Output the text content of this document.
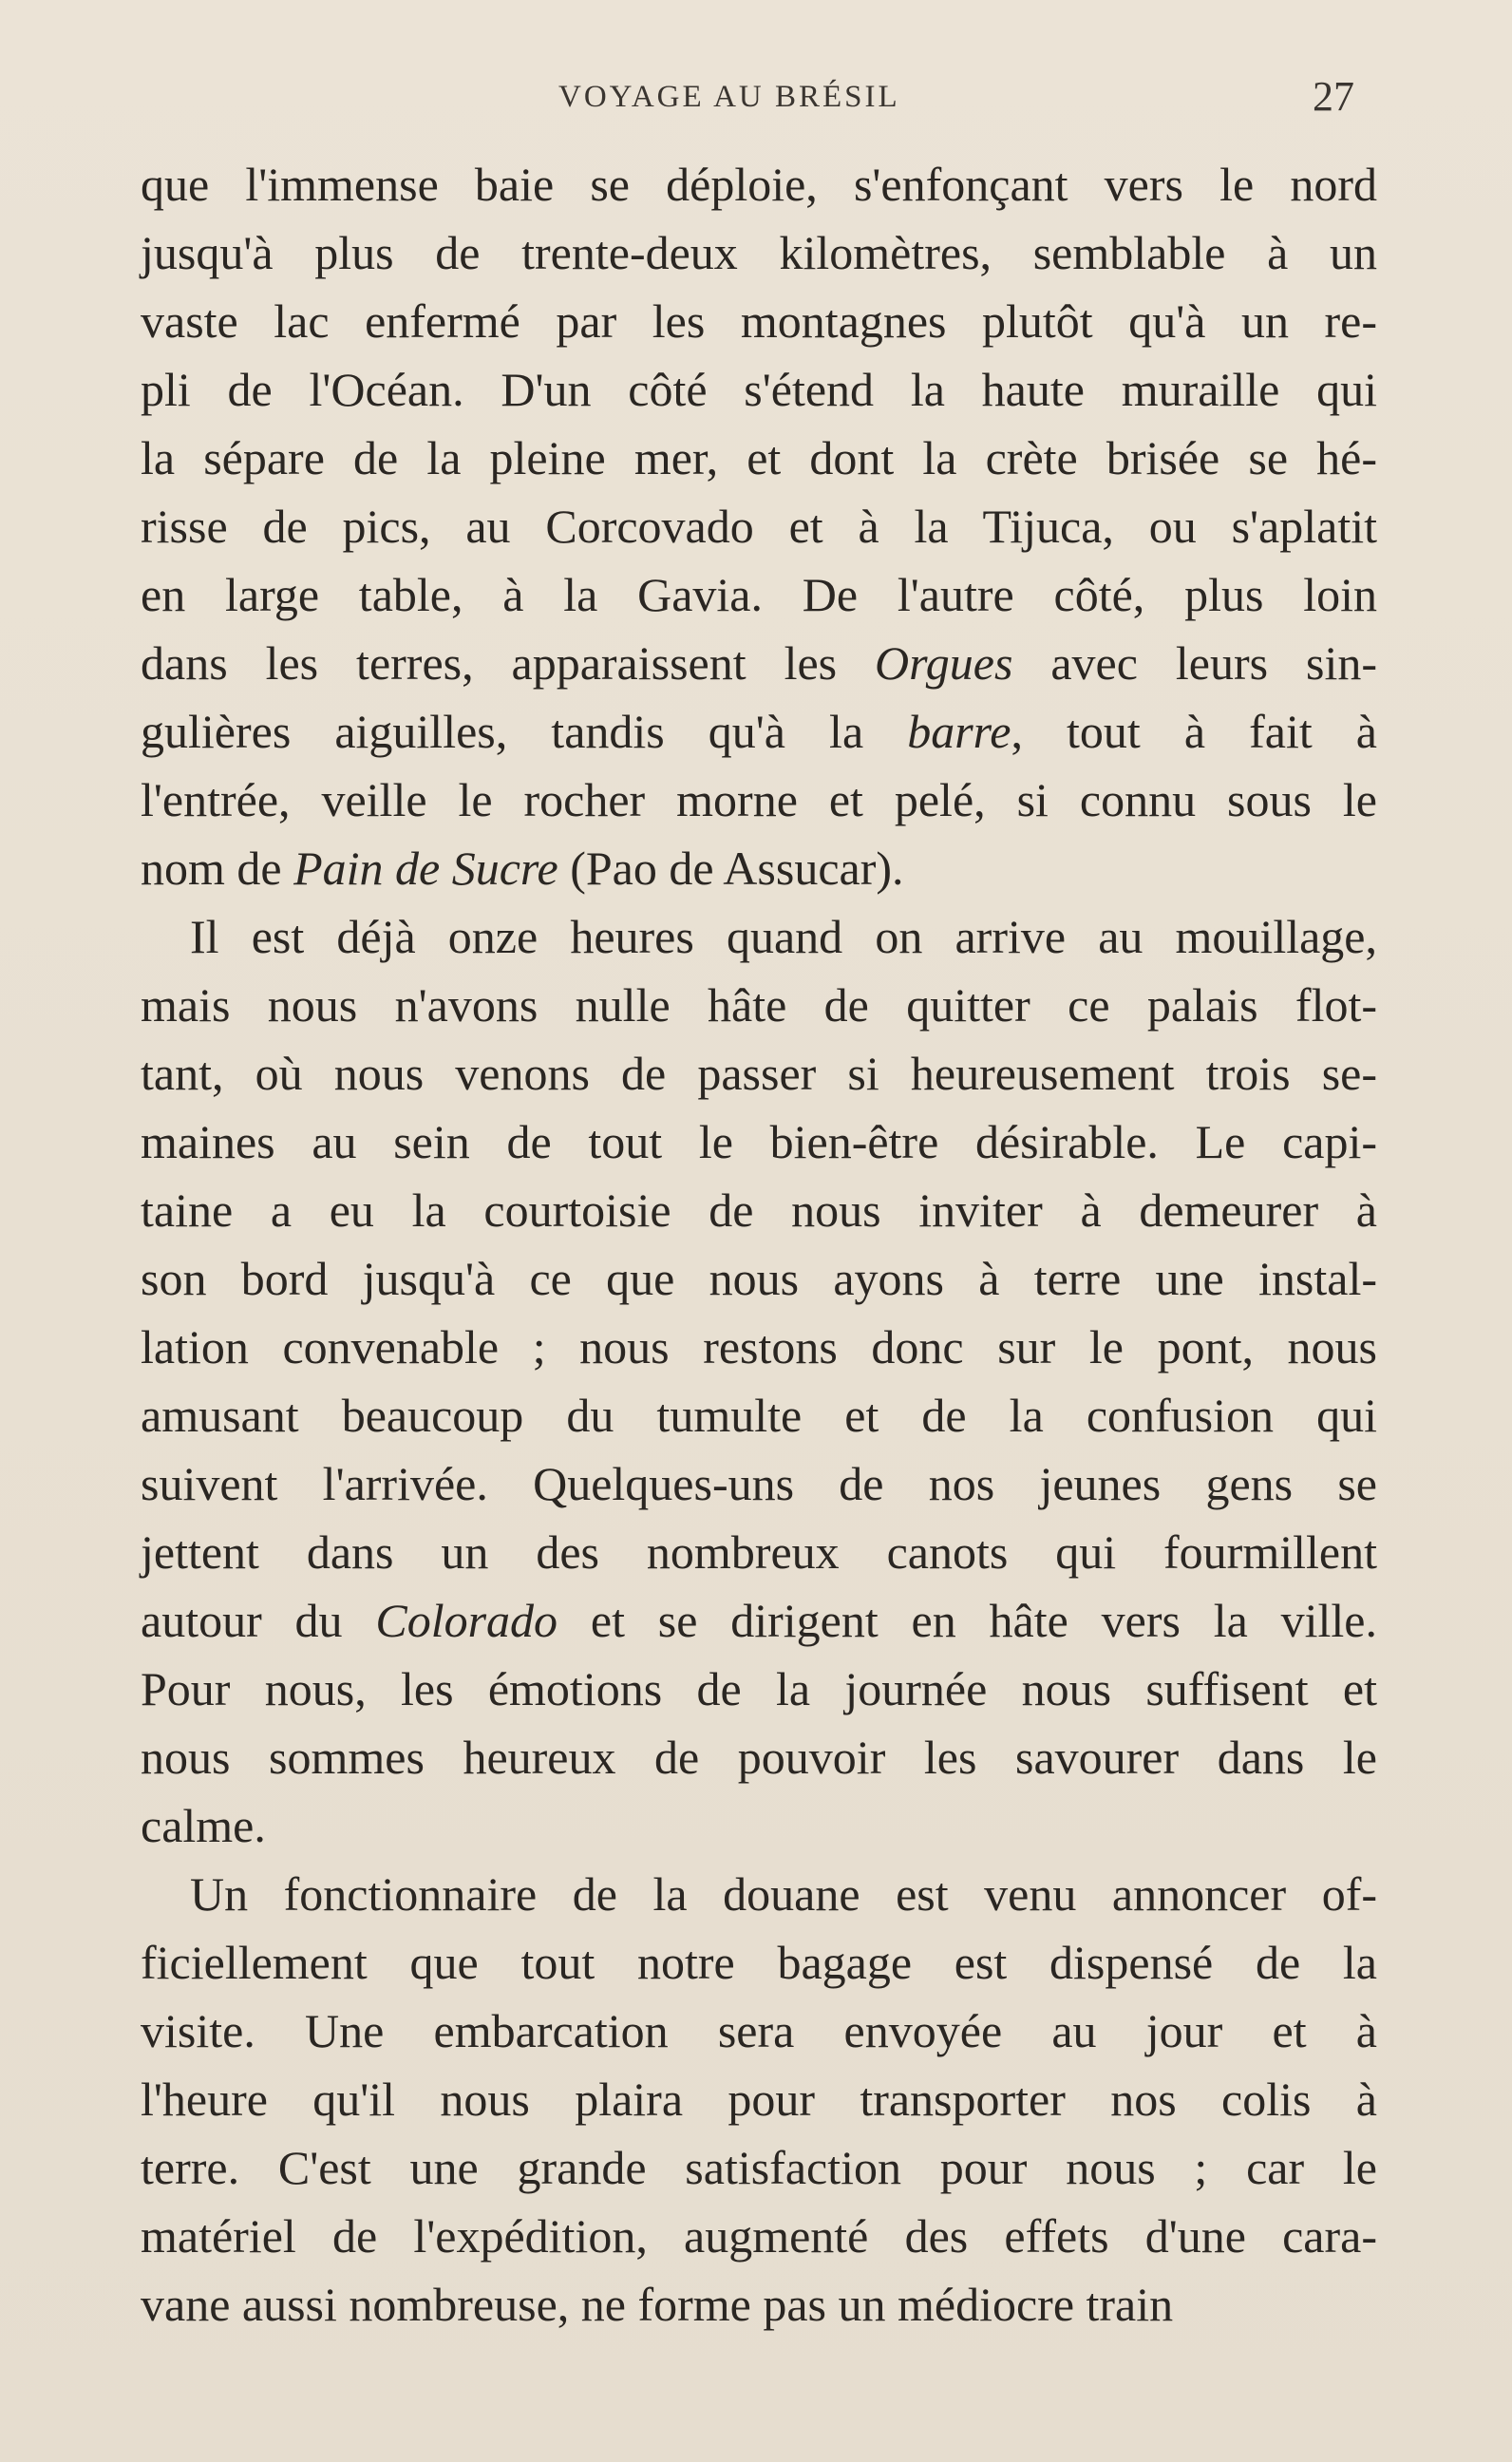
VOYAGE AU BRÉSIL	27
que l'immense baie se déploie, s'enfonçant vers le nord
jusqu'à plus de trente-deux kilomètres, semblable à un
vaste lac enfermé par les montagnes plutôt qu'à un re-
pli de l'Océan. D'un côté s'étend la haute muraille qui
la sépare de la pleine mer, et dont la crète brisée se hé-
risse de pics, au Corcovado et à la Tijuca, ou s'aplatit
en large table, à la Gavia. De l'autre côté, plus loin
dans les terres, apparaissent les Orgues avec leurs sin-
gulières aiguilles, tandis qu'à la barre, tout à fait à
l'entrée, veille le rocher morne et pelé, si connu sous le
nom de Pain de Sucre (Pao de Assucar).
Il est déjà onze heures quand on arrive au mouillage,
mais nous n'avons nulle hâte de quitter ce palais flot-
tant, où nous venons de passer si heureusement trois se-
maines au sein de tout le bien-être désirable. Le capi-
taine a eu la courtoisie de nous inviter à demeurer à
son bord jusqu'à ce que nous ayons à terre une instal-
lation convenable ; nous restons donc sur le pont, nous
amusant beaucoup du tumulte et de la confusion qui
suivent l'arrivée. Quelques-uns de nos jeunes gens se
jettent dans un des nombreux canots qui fourmillent
autour du Colorado et se dirigent en hâte vers la ville.
Pour nous, les émotions de la journée nous suffisent et
nous sommes heureux de pouvoir les savourer dans le
calme.
Un fonctionnaire de la douane est venu annoncer of-
ficiellement que tout notre bagage est dispensé de la
visite. Une embarcation sera envoyée au jour et à
l'heure qu'il nous plaira pour transporter nos colis à
terre. C'est une grande satisfaction pour nous ; car le
matériel de l'expédition, augmenté des effets d'une cara-
vane aussi nombreuse, ne forme pas un médiocre train
